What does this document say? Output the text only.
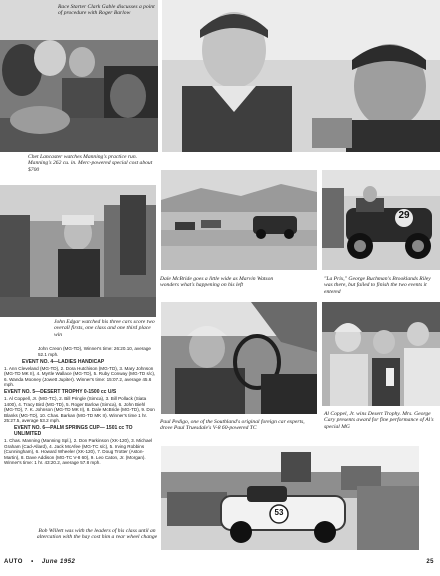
Race Starter Clark Gable discusses a point of procedure with Roger Barlow
Chet Lancaster watches Manning's practice run. Manning's 262 cu. in. Merc-powered special cost about $700
John Edgar watched his three cars score two overall firsts, one class and one third place win
Dale McBride goes a little wide as Marvin Watson wonders what's happening on his left
29
"La Prix," George Buchman's Brooklands Riley was there, but failed to finish the two events it entered
Paul Pedigo, one of the Southland's original foreign car experts, drove Paul Truesdale's V-8 60-powered TC
Al Coppel, Jr. wins Desert Trophy. Mrs. George Cary presents award for fine performance of Al's special MG
53
Bob Willett was with the leaders of his class until an altercation with the hay cost him a rear wheel change

John Creon (MG-TD), Winner's time: 26:20.10, average 52.1 mph.

EVENT NO. 4—LADIES HANDICAP

1. Ann Cleveland (MG-TD), 2. Dora Hutchison (MG-TD), 3. Mary Johnson (MG-TD MK II), 4. Myrtle Wallace (MG-TD), 5. Ruby Conway (MG-TD s/c), 6. Wanda Mooney (Jowett Jupiter). Winner's time: 15:07.2, average 45.6 mph.

EVENT NO. 5—DESERT TROPHY 0-1500 cc U/S

1. Al Coppell, Jr. (MG-TC), 2. Bill Pringle (Simca), 3. Bill Pollack (Siata 1400), 4. Tracy Bird (MG-TD), 5. Roger Barlow (Simca), 6. John Biehl (MG-TD), 7. K. Johnson (MG-TD MK II), 8. Dale McBride (MG-TD), 9. Don Blanks (MG-TD), 10. Chas. Barkan (MG-TD MK II). Winner's time 1 hr. 25:27.5, average 53.2 mph.

EVENT NO. 6—PALM SPRINGS CUP— 1501 cc TO UNLIMITED

1. Chas. Manning (Manning Spl.), 2. Don Parkinson (XK-120), 3. Michael Graham (Cad-Allard), 4. Jack McAfee (MG-TC s/c), 5. Irving Robbins (Cunningham), 6. Howard Wheeler (XK-120), 7. Doug Trotter (Aston-Martin), 8. Dave Addison (MG-TC V-8 60), 9. Leo Caton, Jr. (Morgan). Winner's time: 1 hr. 43:20.2, average 57.8 mph.

AUTO • June 1952	25
